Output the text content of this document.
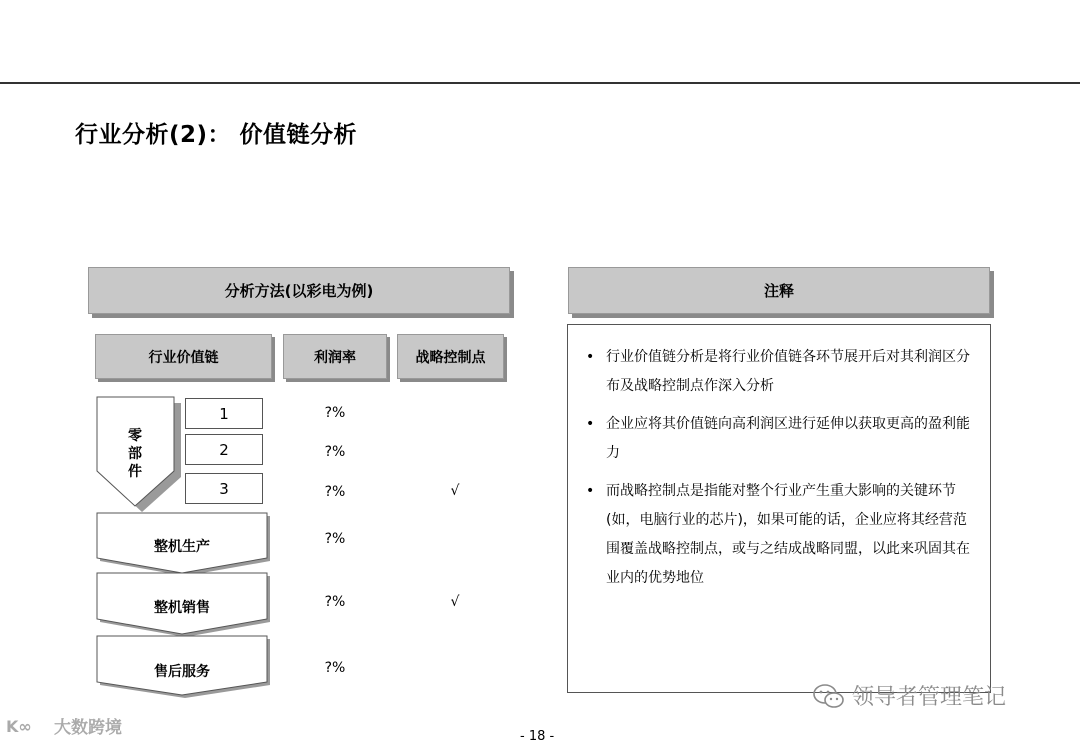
行业分析(2)： 价值链分析
分析方法(以彩电为例)
行业价值链	利润率	战略控制点
零
部
件
1
2
3
整机生产
整机销售
售后服务
?%
?%
?%
?%
?%
?%
√
√
注释
• 行业价值链分析是将行业价值链各环节展开后对其利润区分布及战略控制点作深入分析
• 企业应将其价值链向高利润区进行延伸以获取更高的盈利能力
• 而战略控制点是指能对整个行业产生重大影响的关键环节(如，电脑行业的芯片)，如果可能的话，企业应将其经营范围覆盖战略控制点，或与之结成战略同盟，以此来巩固其在业内的优势地位
- 18 -
K∞ 大数跨境
领导者管理笔记
